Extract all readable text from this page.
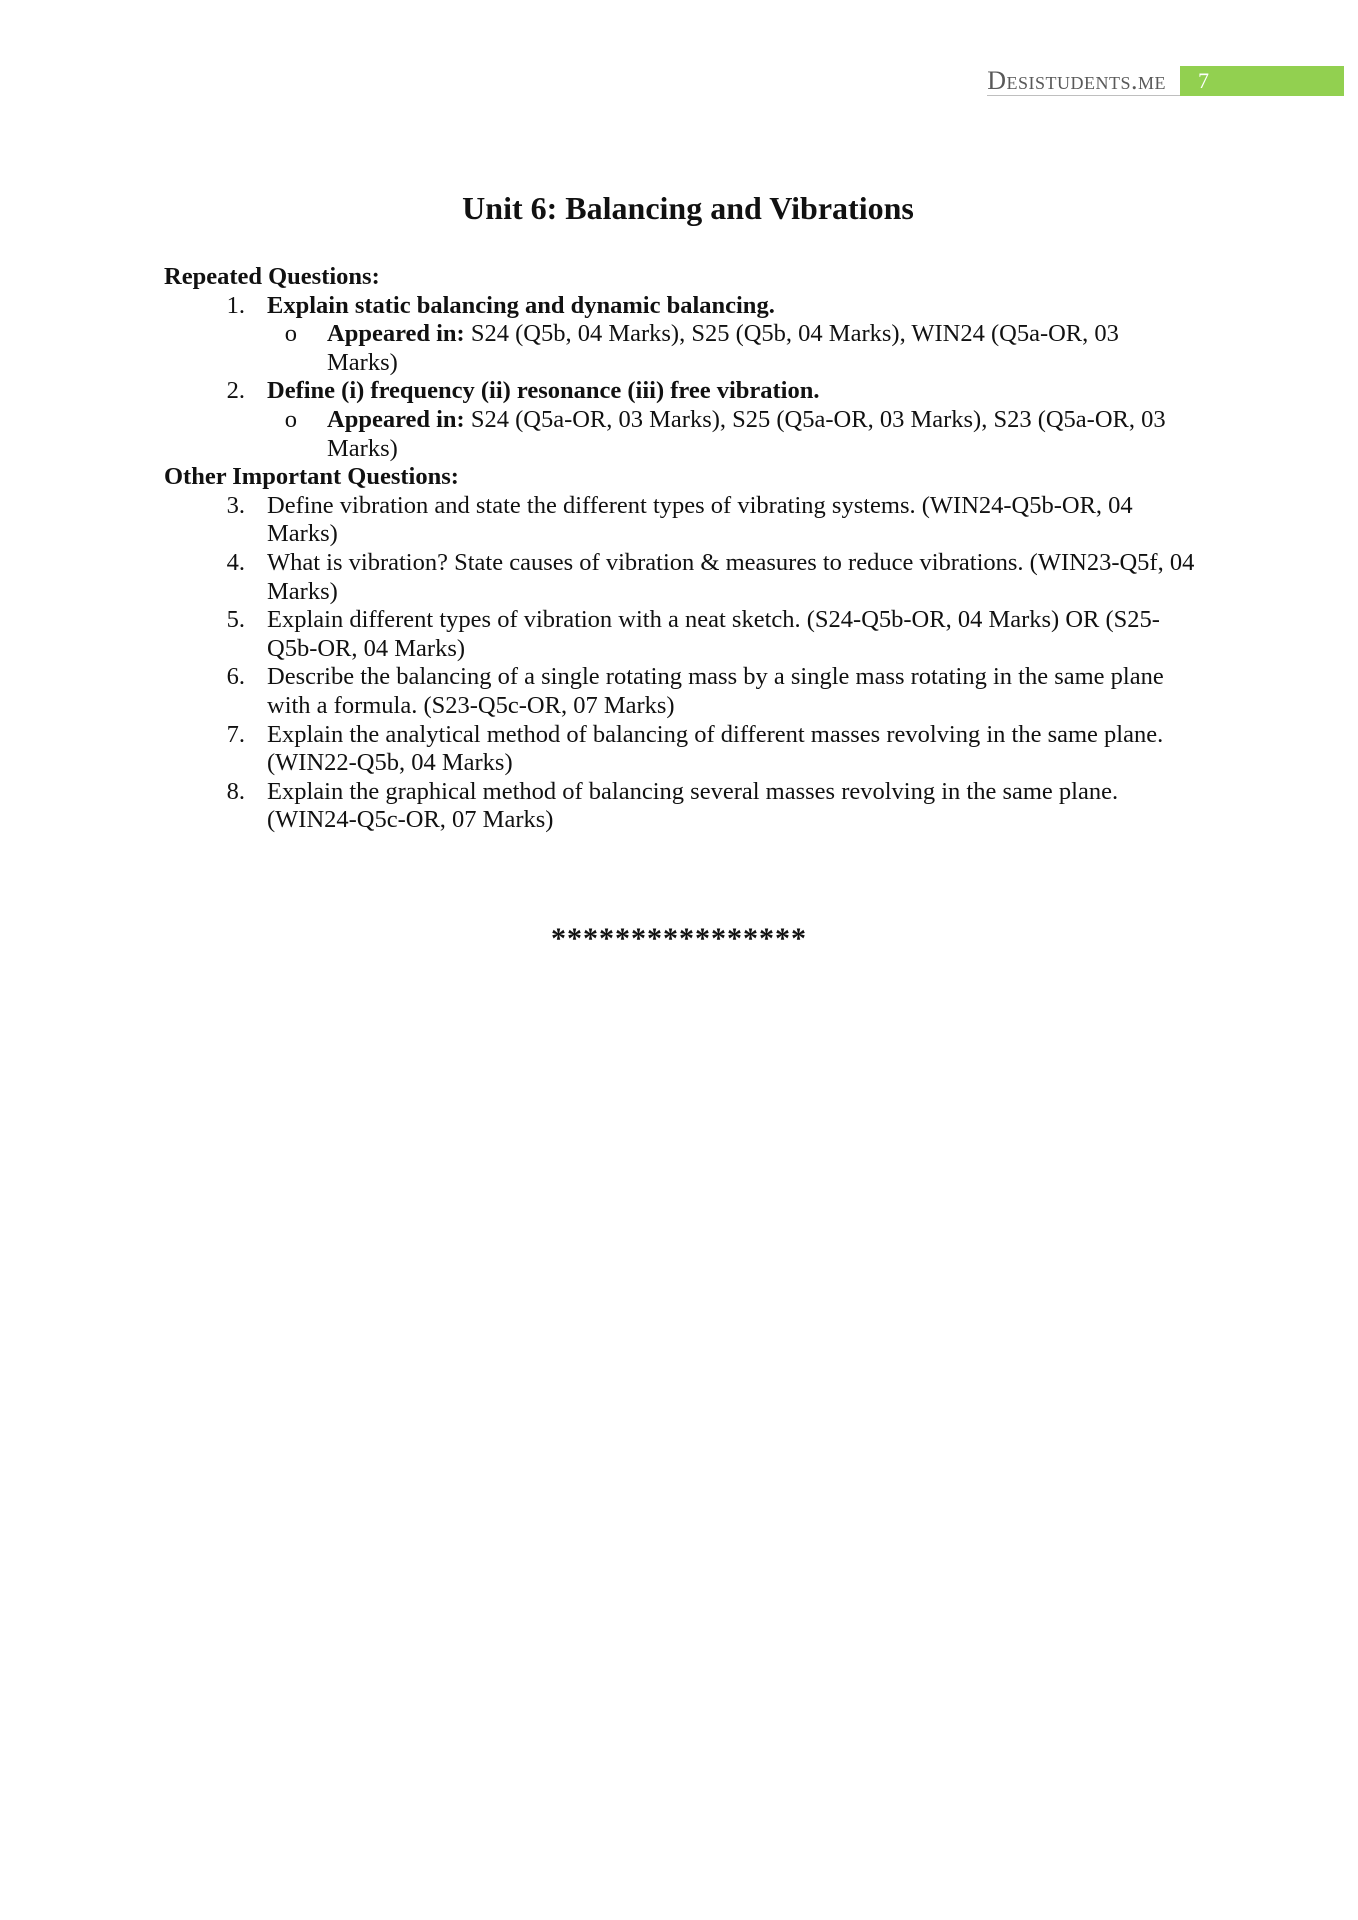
Desistudents.me	7
Unit 6: Balancing and Vibrations
Repeated Questions:
1. Explain static balancing and dynamic balancing.
o	Appeared in: S24 (Q5b, 04 Marks), S25 (Q5b, 04 Marks), WIN24 (Q5a-OR, 03 Marks)
2. Define (i) frequency (ii) resonance (iii) free vibration.
o	Appeared in: S24 (Q5a-OR, 03 Marks), S25 (Q5a-OR, 03 Marks), S23 (Q5a-OR, 03 Marks)
Other Important Questions:
3. Define vibration and state the different types of vibrating systems. (WIN24-Q5b-OR, 04 Marks)
4. What is vibration? State causes of vibration & measures to reduce vibrations. (WIN23-Q5f, 04 Marks)
5. Explain different types of vibration with a neat sketch. (S24-Q5b-OR, 04 Marks) OR (S25-Q5b-OR, 04 Marks)
6. Describe the balancing of a single rotating mass by a single mass rotating in the same plane with a formula. (S23-Q5c-OR, 07 Marks)
7. Explain the analytical method of balancing of different masses revolving in the same plane. (WIN22-Q5b, 04 Marks)
8. Explain the graphical method of balancing several masses revolving in the same plane. (WIN24-Q5c-OR, 07 Marks)
****************
